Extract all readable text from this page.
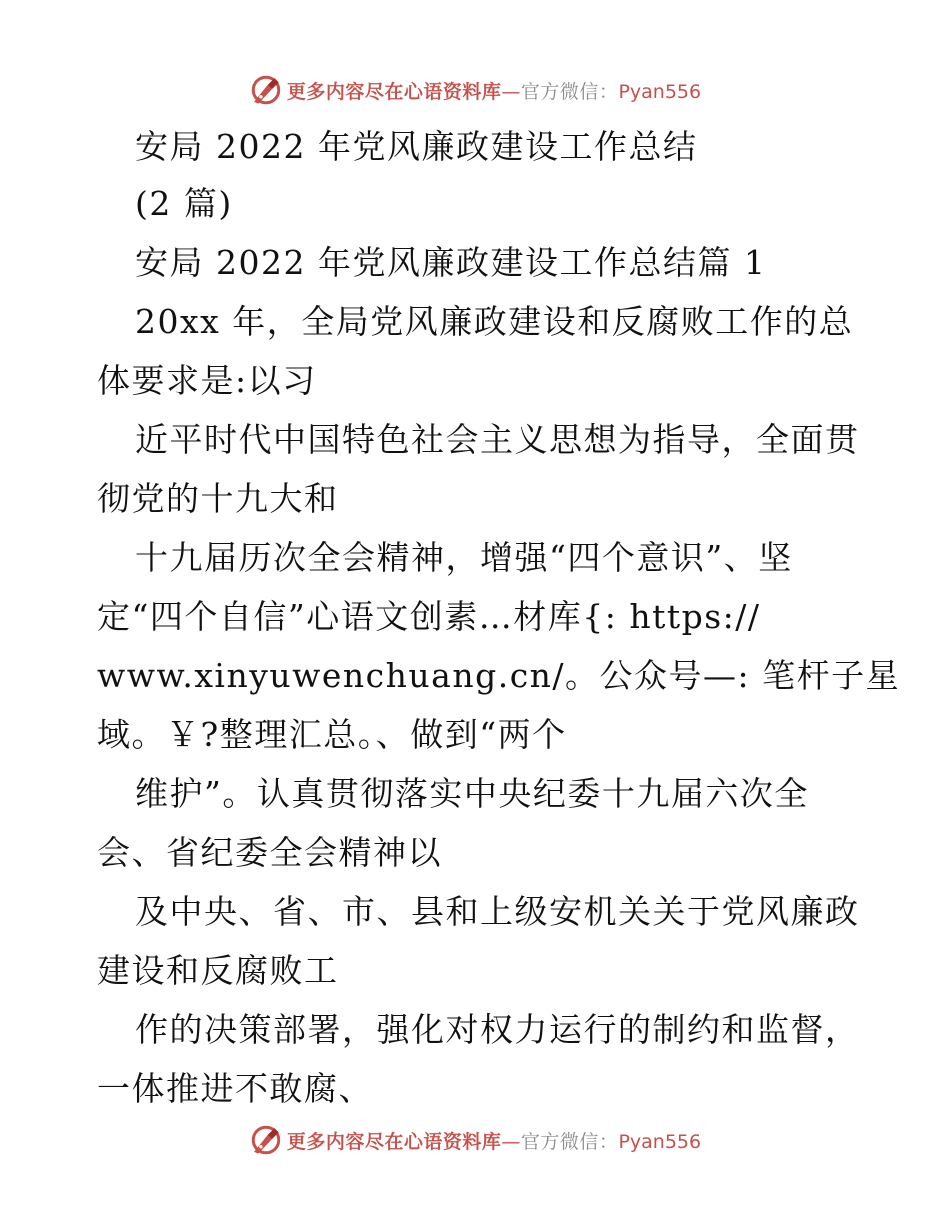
更多内容尽在心语资料库—官方微信：Pyan556
安局 2022 年党风廉政建设工作总结
(2 篇)
安局 2022 年党风廉政建设工作总结篇 1
20xx 年，全局党风廉政建设和反腐败工作的总
体要求是:以习
近平时代中国特色社会主义思想为指导，全面贯
彻党的十九大和
十九届历次全会精神，增强“四个意识”、坚
定“四个自信”心语文创素…材库{: https://
www.xinyuwenchuang.cn/。公众号—: 笔杆子星
域。￥?整理汇总。、做到“两个
维护”。认真贯彻落实中央纪委十九届六次全
会、省纪委全会精神以
及中央、省、市、县和上级安机关关于党风廉政
建设和反腐败工
作的决策部署，强化对权力运行的制约和监督，
一体推进不敢腐、
更多内容尽在心语资料库—官方微信：Pyan556
